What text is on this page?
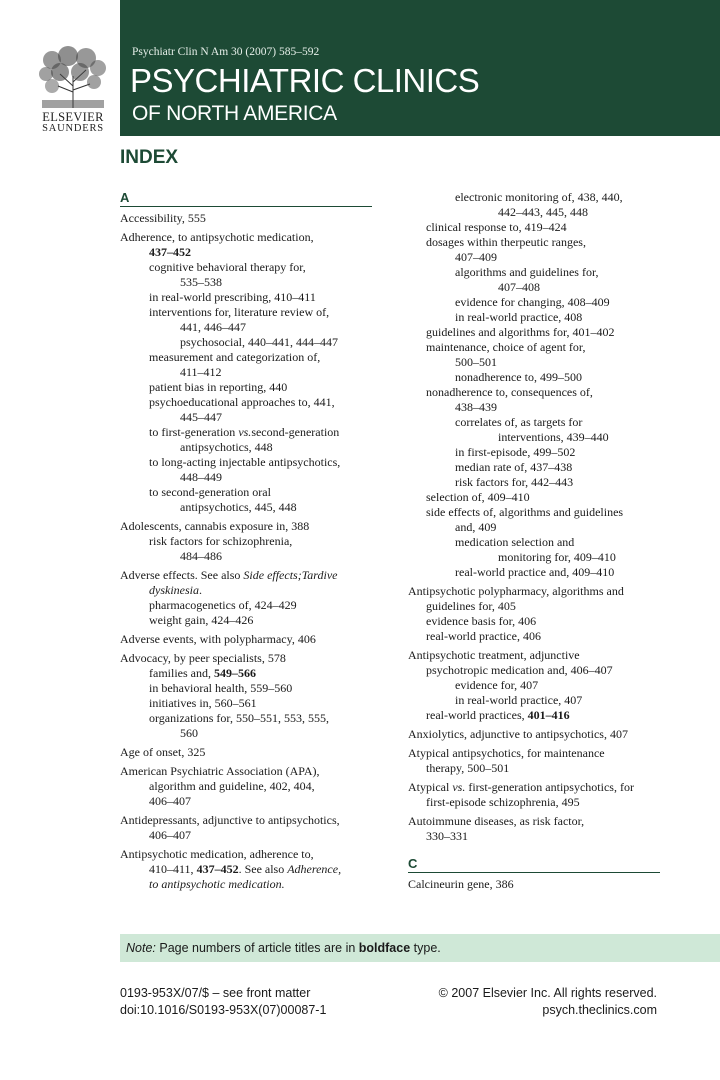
ELSEVIER
SAUNDERS
Psychiatr Clin N Am 30 (2007) 585–592
PSYCHIATRIC CLINICS
OF NORTH AMERICA
INDEX
A
Accessibility, 555
Adherence, to antipsychotic medication,
437–452
cognitive behavioral therapy for,
535–538
in real-world prescribing, 410–411
interventions for, literature review of,
441, 446–447
psychosocial, 440–441, 444–447
measurement and categorization of,
411–412
patient bias in reporting, 440
psychoeducational approaches to, 441,
445–447
to first-generation vs.second-generation
antipsychotics, 448
to long-acting injectable antipsychotics,
448–449
to second-generation oral
antipsychotics, 445, 448
Adolescents, cannabis exposure in, 388
risk factors for schizophrenia,
484–486
Adverse effects. See also Side effects;Tardive
dyskinesia.
pharmacogenetics of, 424–429
weight gain, 424–426
Adverse events, with polypharmacy, 406
Advocacy, by peer specialists, 578
families and, 549–566
in behavioral health, 559–560
initiatives in, 560–561
organizations for, 550–551, 553, 555,
560
Age of onset, 325
American Psychiatric Association (APA),
algorithm and guideline, 402, 404,
406–407
Antidepressants, adjunctive to antipsychotics,
406–407
Antipsychotic medication, adherence to,
410–411, 437–452. See also Adherence,
to antipsychotic medication.
electronic monitoring of, 438, 440,
442–443, 445, 448
clinical response to, 419–424
dosages within therpeutic ranges,
407–409
algorithms and guidelines for,
407–408
evidence for changing, 408–409
in real-world practice, 408
guidelines and algorithms for, 401–402
maintenance, choice of agent for,
500–501
nonadherence to, 499–500
nonadherence to, consequences of,
438–439
correlates of, as targets for
interventions, 439–440
in first-episode, 499–502
median rate of, 437–438
risk factors for, 442–443
selection of, 409–410
side effects of, algorithms and guidelines
and, 409
medication selection and
monitoring for, 409–410
real-world practice and, 409–410
Antipsychotic polypharmacy, algorithms and
guidelines for, 405
evidence basis for, 406
real-world practice, 406
Antipsychotic treatment, adjunctive
psychotropic medication and, 406–407
evidence for, 407
in real-world practice, 407
real-world practices, 401–416
Anxiolytics, adjunctive to antipsychotics, 407
Atypical antipsychotics, for maintenance
therapy, 500–501
Atypical vs. first-generation antipsychotics, for
first-episode schizophrenia, 495
Autoimmune diseases, as risk factor,
330–331
C
Calcineurin gene, 386
Note: Page numbers of article titles are in boldface type.
0193-953X/07/$ – see front matter
doi:10.1016/S0193-953X(07)00087-1
© 2007 Elsevier Inc. All rights reserved.
psych.theclinics.com
